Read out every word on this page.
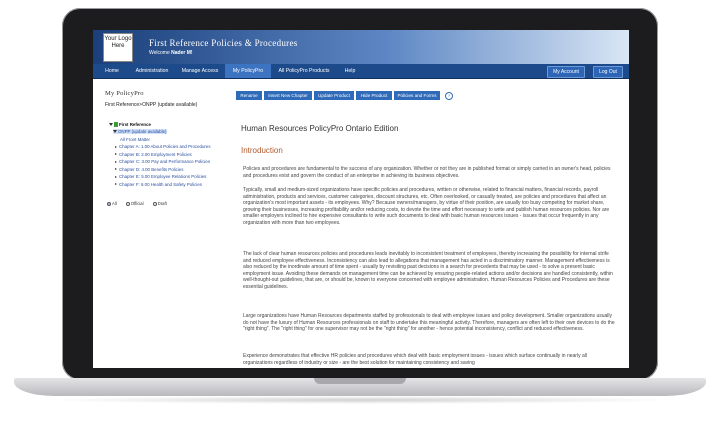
Your Logo Here	First Reference Policies & Procedures
Welcome Nader M!
Home	Administration	Manage Access	My PolicyPro	All PolicyPro Products	Help	My Account	Log Out
My PolicyPro
First Reference>ONPP (update available)
Rename	Insert New Chapter	Update Product	Hide Product	Policies and Forms	?
First Reference
ONPP (update available)
All Front Matter
Chapter A: 1.00 About Policies and Procedures
Chapter B: 2.00 Employment Policies
Chapter C: 3.00 Pay and Performance Policies
Chapter D: 4.00 Benefits Policies
Chapter E: 5.00 Employee Relations Policies
Chapter F: 6.00 Health and Safety Policies
All	Official	Draft
Human Resources PolicyPro Ontario Edition
Introduction
Policies and procedures are fundamental to the success of any organization. Whether or not they are in published format or simply carried in an owner's head, policies and procedures exist and govern the conduct of an enterprise in achieving its business objectives.
Typically, small and medium-sized organizations have specific policies and procedures, written or otherwise, related to financial matters, financial records, payroll administration, products and services, customer categories, discount structures, etc. Often overlooked, or casually treated, are policies and procedures that affect an organization's most important assets - its employees. Why? Because owners/managers, by virtue of their position, are usually too busy competing for market share, growing their businesses, increasing profitability and/or reducing costs, to devote the time and effort necessary to write and publish human resources policies. Nor are smaller employers inclined to hire expensive consultants to write such documents to deal with basic human resources issues - issues that occur frequently in any organization with more than two employees.
The lack of clear human resources policies and procedures leads inevitably to inconsistent treatment of employees, thereby increasing the possibility for internal strife and reduced employee effectiveness. Inconsistency can also lead to allegations that management has acted in a discriminatory manner. Management effectiveness is also reduced by the inordinate amount of time spent - usually by revisiting past decisions in a search for precedents that may be used - to solve a present basic employment issue. Avoiding these demands on management time can be achieved by ensuring people-related actions and/or decisions are handled consistently, within well-thought-out guidelines, that are, or should be, known to everyone concerned with employee administration. Human Resources Policies and Procedures are these essential guidelines.
Large organizations have Human Resources departments staffed by professionals to deal with employee issues and policy development. Smaller organizations usually do not have the luxury of Human Resources professionals on staff to undertake this meaningful activity. Therefore, managers are often left to their own devices to do the "right thing". The "right thing" for one supervisor may not be the "right thing" for another - hence potential inconsistency, conflict and reduced effectiveness.
Experience demonstrates that effective HR policies and procedures which deal with basic employment issues - issues which surface continually in nearly all organizations regardless of industry or size - are the best solution for maintaining consistency and saving
